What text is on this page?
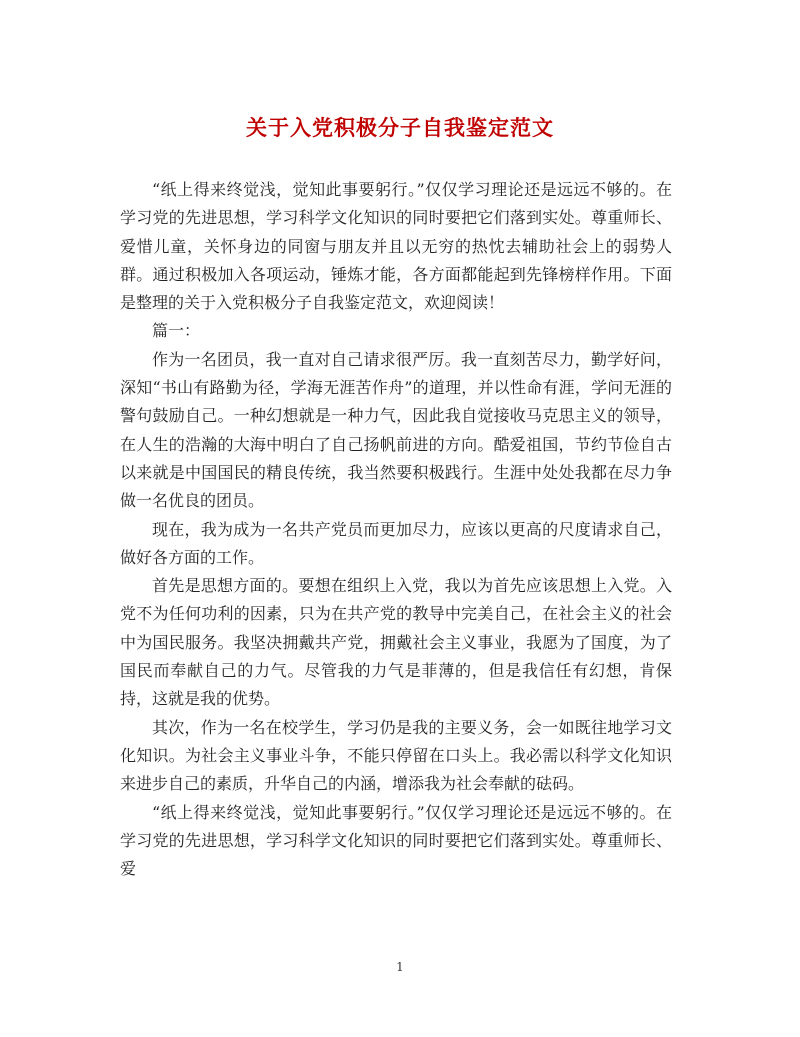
关于入党积极分子自我鉴定范文

“纸上得来终觉浅，觉知此事要躬行。”仅仅学习理论还是远远不够的。在学习党的先进思想，学习科学文化知识的同时要把它们落到实处。尊重师长、爱惜儿童，关怀身边的同窗与朋友并且以无穷的热忱去辅助社会上的弱势人群。通过积极加入各项运动，锤炼才能，各方面都能起到先锋榜样作用。下面是整理的关于入党积极分子自我鉴定范文，欢迎阅读！

篇一：

作为一名团员，我一直对自己请求很严厉。我一直刻苦尽力，勤学好问，深知“书山有路勤为径，学海无涯苦作舟”的道理，并以性命有涯，学问无涯的警句鼓励自己。一种幻想就是一种力气，因此我自觉接收马克思主义的领导，在人生的浩瀚的大海中明白了自己扬帆前进的方向。酷爱祖国，节约节俭自古以来就是中国国民的精良传统，我当然要积极践行。生涯中处处我都在尽力争做一名优良的团员。

现在，我为成为一名共产党员而更加尽力，应该以更高的尺度请求自己，做好各方面的工作。

首先是思想方面的。要想在组织上入党，我以为首先应该思想上入党。入党不为任何功利的因素，只为在共产党的教导中完美自己，在社会主义的社会中为国民服务。我坚决拥戴共产党，拥戴社会主义事业，我愿为了国度，为了国民而奉献自己的力气。尽管我的力气是菲薄的，但是我信任有幻想，肯保持，这就是我的优势。

其次，作为一名在校学生，学习仍是我的主要义务，会一如既往地学习文化知识。为社会主义事业斗争，不能只停留在口头上。我必需以科学文化知识来进步自己的素质，升华自己的内涵，增添我为社会奉献的砝码。

“纸上得来终觉浅，觉知此事要躬行。”仅仅学习理论还是远远不够的。在学习党的先进思想，学习科学文化知识的同时要把它们落到实处。尊重师长、爱

1
